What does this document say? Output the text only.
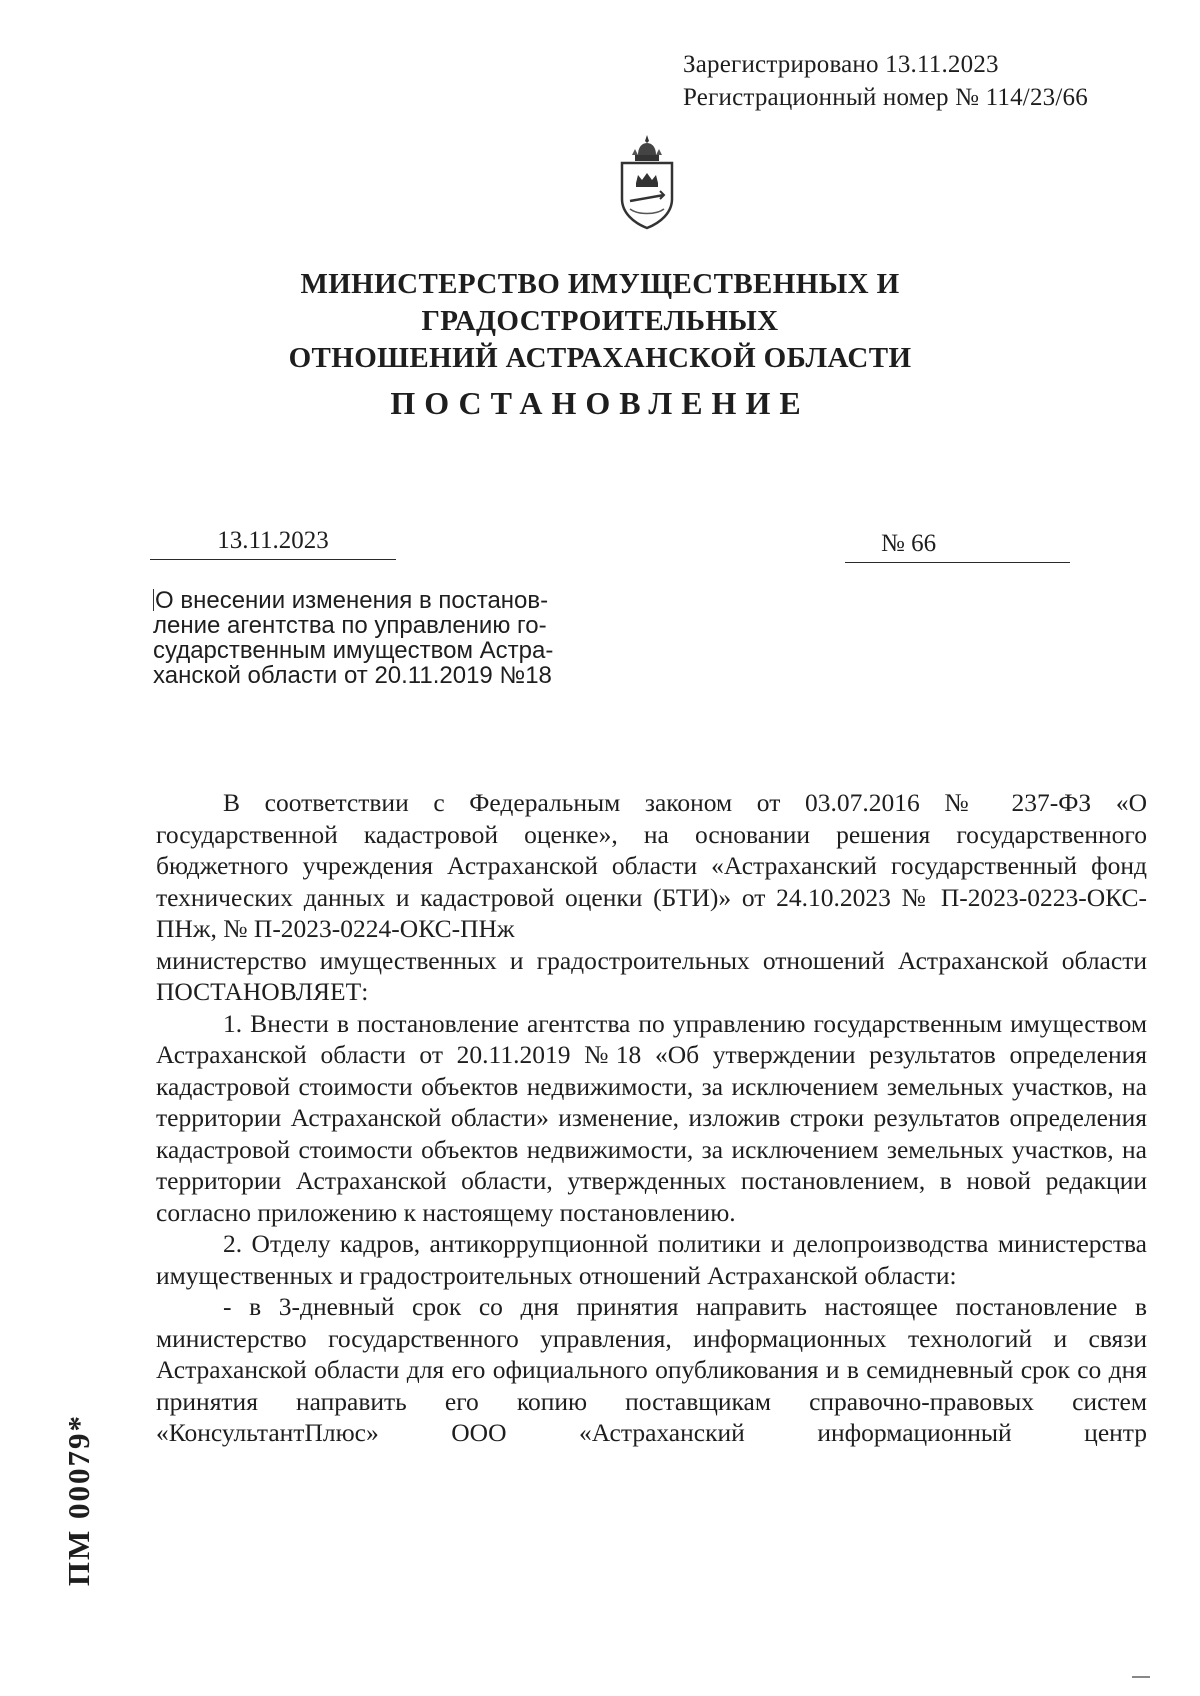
Зарегистрировано 13.11.2023
Регистрационный номер № 114/23/66
МИНИСТЕРСТВО ИМУЩЕСТВЕННЫХ И ГРАДОСТРОИТЕЛЬНЫХ
ОТНОШЕНИЙ АСТРАХАНСКОЙ ОБЛАСТИ
ПОСТАНОВЛЕНИЕ
13.11.2023	№ 66
О внесении изменения в постанов-
ление агентства по управлению го-
сударственным имуществом Астра-
ханской области от 20.11.2019 №18

В соответствии с Федеральным законом от 03.07.2016 № 237-ФЗ «О государственной кадастровой оценке», на основании решения государственного бюджетного учреждения Астраханской области «Астраханский государственный фонд технических данных и кадастровой оценки (БТИ)» от 24.10.2023 № П-2023-0223-ОКС-ПНж, № П-2023-0224-ОКС-ПНж

министерство имущественных и градостроительных отношений Астраханской области ПОСТАНОВЛЯЕТ:

1. Внести в постановление агентства по управлению государственным имуществом Астраханской области от 20.11.2019 №18 «Об утверждении результатов определения кадастровой стоимости объектов недвижимости, за исключением земельных участков, на территории Астраханской области» изменение, изложив строки результатов определения кадастровой стоимости объектов недвижимости, за исключением земельных участков, на территории Астраханской области, утвержденных постановлением, в новой редакции согласно приложению к настоящему постановлению.

2. Отделу кадров, антикоррупционной политики и делопроизводства министерства имущественных и градостроительных отношений Астраханской области:

- в 3-дневный срок со дня принятия направить настоящее постановление в министерство государственного управления, информационных технологий и связи Астраханской области для его официального опубликования и в семидневный срок со дня принятия направить его копию поставщикам справочно-правовых систем «КонсультантПлюс» ООО «Астраханский информационный центр

ПМ 00079*
